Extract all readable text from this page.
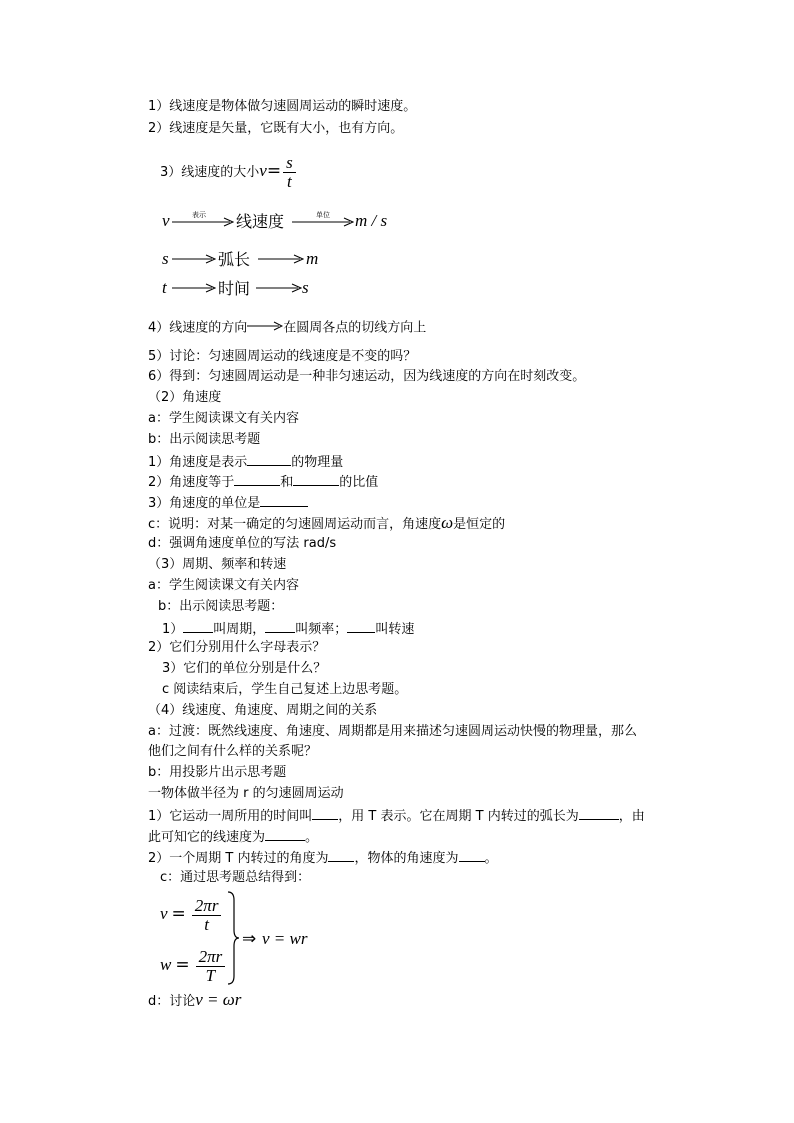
1）线速度是物体做匀速圆周运动的瞬时速度。
2）线速度是矢量，它既有大小，也有方向。
3）线速度的大小$v= \frac{s}{t}$
v	表示 线速度	单位 m / s
s	弧长	m
t	时间	s
4）线速度的方向	在圆周各点的切线方向上
5）讨论：匀速圆周运动的线速度是不变的吗？
6）得到：匀速圆周运动是一种非匀速运动，因为线速度的方向在时刻改变。
（2）角速度
a：学生阅读课文有关内容
b：出示阅读思考题
1）角速度是表示	的物理量
2）角速度等于	和	的比值
3）角速度的单位是
c：说明：对某一确定的匀速圆周运动而言，角速度ω是恒定的
d：强调角速度单位的写法 rad/s
（3）周期、频率和转速
a：学生阅读课文有关内容
b：出示阅读思考题：
1） 叫周期， 叫频率； 叫转速
2）它们分别用什么字母表示？
3）它们的单位分别是什么？
c 阅读结束后，学生自己复述上边思考题。
（4）线速度、角速度、周期之间的关系
a：过渡：既然线速度、角速度、周期都是用来描述匀速圆周运动快慢的物理量，那么
他们之间有什么样的关系呢？
b：用投影片出示思考题
一物体做半径为 r 的匀速圆周运动
1）它运动一周所用的时间叫 ，用 T 表示。它在周期 T 内转过的弧长为	，由
此可知它的线速度为	。
2）一个周期 T 内转过的角度为 ，物体的角速度为 。
c：通过思考题总结得到：
$v = \frac{2\pi r}{t}$
$w = \frac{2\pi r}{T}$
⇒ v = wr
d：讨论v = ωr
